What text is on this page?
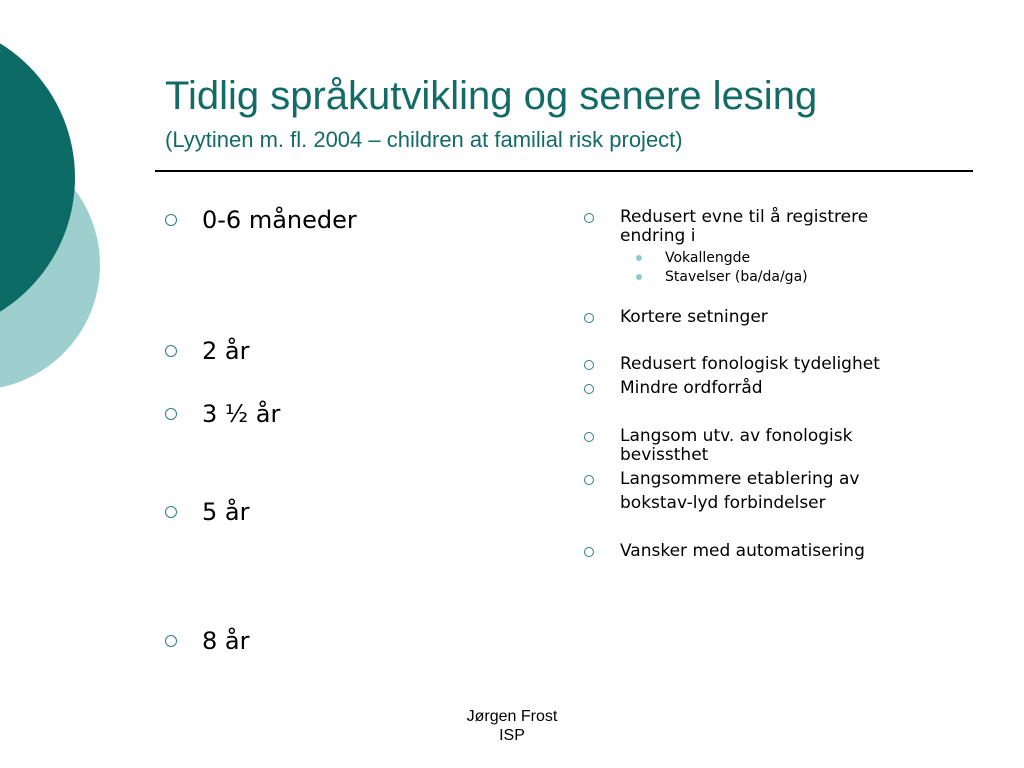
Tidlig språkutvikling og senere lesing
(Lyytinen m. fl. 2004 – children at familial risk project)
0-6 måneder
2 år
3 ½ år
5 år
8 år
Redusert evne til å registrere
endring i
Vokallengde
Stavelser (ba/da/ga)
Kortere setninger
Redusert fonologisk tydelighet
Mindre ordforråd
Langsom utv. av fonologisk
bevissthet
Langsommere etablering av
bokstav-lyd forbindelser
Vansker med automatisering
Jørgen Frost
ISP
